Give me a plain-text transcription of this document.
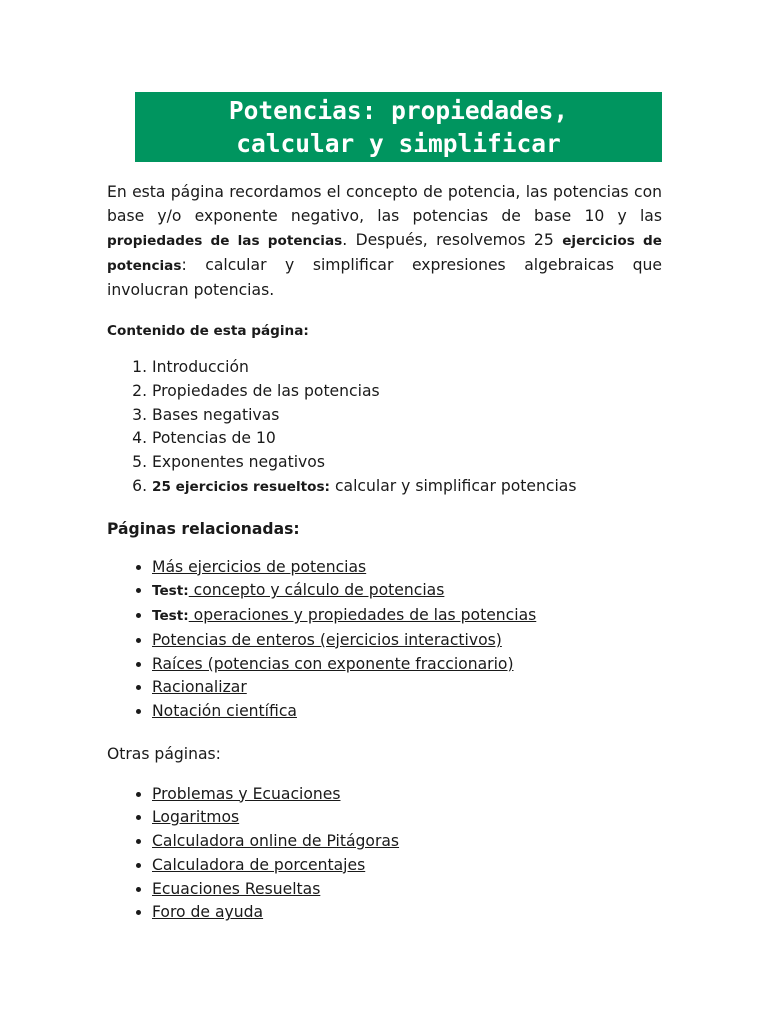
Potencias: propiedades,
calcular y simplificar

En esta página recordamos el concepto de potencia, las potencias con base y/o exponente negativo, las potencias de base 10 y las propiedades de las potencias. Después, resolvemos 25 ejercicios de potencias: calcular y simplificar expresiones algebraicas que involucran potencias.

Contenido de esta página:
1. Introducción
2. Propiedades de las potencias
3. Bases negativas
4. Potencias de 10
5. Exponentes negativos
6. 25 ejercicios resueltos: calcular y simplificar potencias
Páginas relacionadas:
• Más ejercicios de potencias
• Test: concepto y cálculo de potencias
• Test: operaciones y propiedades de las potencias
• Potencias de enteros (ejercicios interactivos)
• Raíces (potencias con exponente fraccionario)
• Racionalizar
• Notación científica
Otras páginas:
• Problemas y Ecuaciones
• Logaritmos
• Calculadora online de Pitágoras
• Calculadora de porcentajes
• Ecuaciones Resueltas
• Foro de ayuda
